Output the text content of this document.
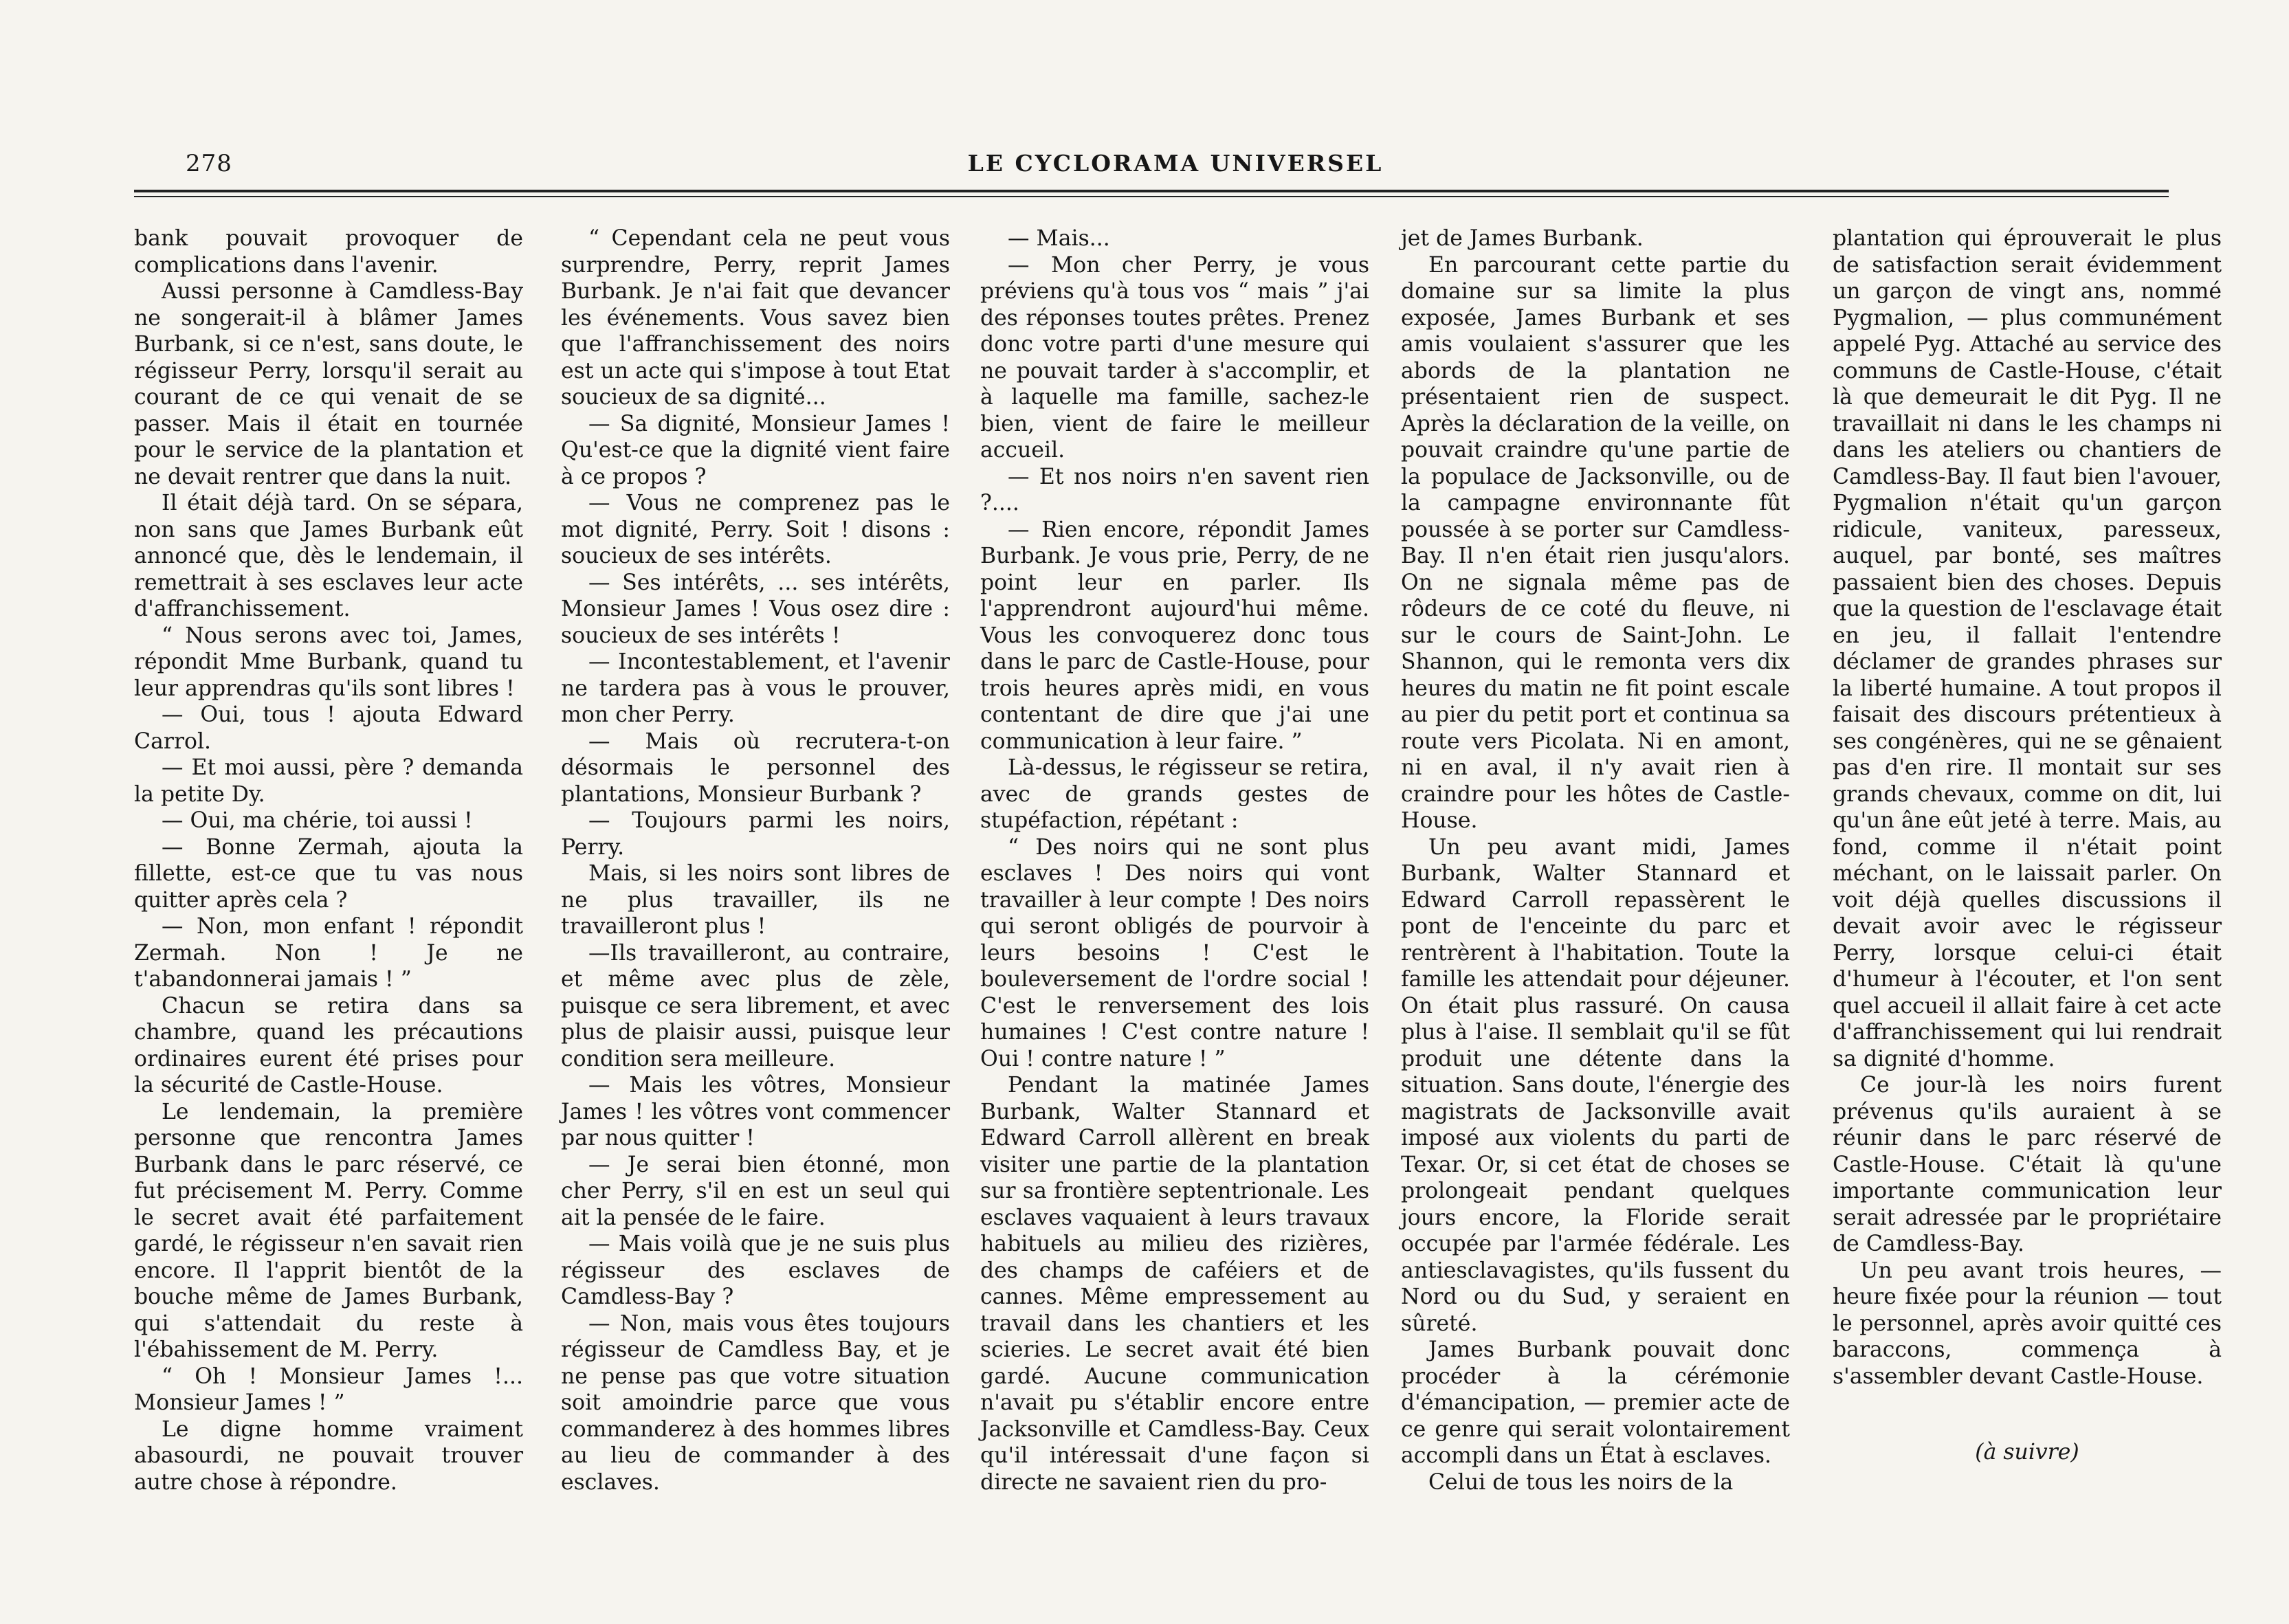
278	LE CYCLORAMA UNIVERSEL

bank pouvait provoquer de complications dans l'avenir.

Aussi personne à Camdless-Bay ne songerait-il à blâmer James Burbank, si ce n'est, sans doute, le régisseur Perry, lorsqu'il serait au courant de ce qui venait de se passer. Mais il était en tournée pour le service de la plantation et ne devait rentrer que dans la nuit.

Il était déjà tard. On se sépara, non sans que James Burbank eût annoncé que, dès le lendemain, il remettrait à ses esclaves leur acte d'affranchissement.

“ Nous serons avec toi, James, répondit Mme Burbank, quand tu leur apprendras qu'ils sont libres !

— Oui, tous ! ajouta Edward Carrol.

— Et moi aussi, père ? demanda la petite Dy.

— Oui, ma chérie, toi aussi !

— Bonne Zermah, ajouta la fillette, est-ce que tu vas nous quitter après cela ?

— Non, mon enfant ! répondit Zermah. Non ! Je ne t'abandonnerai jamais ! ”

Chacun se retira dans sa chambre, quand les précautions ordinaires eurent été prises pour la sécurité de Castle-House.

Le lendemain, la première personne que rencontra James Burbank dans le parc réservé, ce fut précisement M. Perry. Comme le secret avait été parfaitement gardé, le régisseur n'en savait rien encore. Il l'apprit bientôt de la bouche même de James Burbank, qui s'attendait du reste à l'ébahissement de M. Perry.

“ Oh ! Monsieur James !... Monsieur James ! ”

Le digne homme vraiment abasourdi, ne pouvait trouver autre chose à répondre.

“ Cependant cela ne peut vous surprendre, Perry, reprit James Burbank. Je n'ai fait que devancer les événements. Vous savez bien que l'affranchissement des noirs est un acte qui s'impose à tout Etat soucieux de sa dignité...

— Sa dignité, Monsieur James ! Qu'est-ce que la dignité vient faire à ce propos ?

— Vous ne comprenez pas le mot dignité, Perry. Soit ! disons : soucieux de ses intérêts.

— Ses intérêts, ... ses intérêts, Monsieur James ! Vous osez dire : soucieux de ses intérêts !

— Incontestablement, et l'avenir ne tardera pas à vous le prouver, mon cher Perry.

— Mais où recrutera-t-on désormais le personnel des plantations, Monsieur Burbank ?

— Toujours parmi les noirs, Perry.

Mais, si les noirs sont libres de ne plus travailler, ils ne travailleront plus !

—Ils travailleront, au contraire, et même avec plus de zèle, puisque ce sera librement, et avec plus de plaisir aussi, puisque leur condition sera meilleure.

— Mais les vôtres, Monsieur James ! les vôtres vont commencer par nous quitter !

— Je serai bien étonné, mon cher Perry, s'il en est un seul qui ait la pensée de le faire.

— Mais voilà que je ne suis plus régisseur des esclaves de Camdless-Bay ?

— Non, mais vous êtes toujours régisseur de Camdless Bay, et je ne pense pas que votre situation soit amoindrie parce que vous commanderez à des hommes libres au lieu de commander à des esclaves.

— Mais...

— Mon cher Perry, je vous préviens qu'à tous vos “ mais ” j'ai des réponses toutes prêtes. Prenez donc votre parti d'une mesure qui ne pouvait tarder à s'accomplir, et à laquelle ma famille, sachez-le bien, vient de faire le meilleur accueil.

— Et nos noirs n'en savent rien ?....

— Rien encore, répondit James Burbank. Je vous prie, Perry, de ne point leur en parler. Ils l'apprendront aujourd'hui même. Vous les convoquerez donc tous dans le parc de Castle-House, pour trois heures après midi, en vous contentant de dire que j'ai une communication à leur faire. ”

Là-dessus, le régisseur se retira, avec de grands gestes de stupéfaction, répétant :

“ Des noirs qui ne sont plus esclaves ! Des noirs qui vont travailler à leur compte ! Des noirs qui seront obligés de pourvoir à leurs besoins ! C'est le bouleversement de l'ordre social ! C'est le renversement des lois humaines ! C'est contre nature ! Oui ! contre nature ! ”

Pendant la matinée James Burbank, Walter Stannard et Edward Carroll allèrent en break visiter une partie de la plantation sur sa frontière septentrionale. Les esclaves vaquaient à leurs travaux habituels au milieu des rizières, des champs de caféiers et de cannes. Même empressement au travail dans les chantiers et les scieries. Le secret avait été bien gardé. Aucune communication n'avait pu s'établir encore entre Jacksonville et Camdless-Bay. Ceux qu'il intéressait d'une façon si directe ne savaient rien du pro-

jet de James Burbank.

En parcourant cette partie du domaine sur sa limite la plus exposée, James Burbank et ses amis voulaient s'assurer que les abords de la plantation ne présentaient rien de suspect. Après la déclaration de la veille, on pouvait craindre qu'une partie de la populace de Jacksonville, ou de la campagne environnante fût poussée à se porter sur Camdless-Bay. Il n'en était rien jusqu'alors. On ne signala même pas de rôdeurs de ce coté du fleuve, ni sur le cours de Saint-John. Le Shannon, qui le remonta vers dix heures du matin ne fit point escale au pier du petit port et continua sa route vers Picolata. Ni en amont, ni en aval, il n'y avait rien à craindre pour les hôtes de Castle-House.

Un peu avant midi, James Burbank, Walter Stannard et Edward Carroll repassèrent le pont de l'enceinte du parc et rentrèrent à l'habitation. Toute la famille les attendait pour déjeuner. On était plus rassuré. On causa plus à l'aise. Il semblait qu'il se fût produit une détente dans la situation. Sans doute, l'énergie des magistrats de Jacksonville avait imposé aux violents du parti de Texar. Or, si cet état de choses se prolongeait pendant quelques jours encore, la Floride serait occupée par l'armée fédérale. Les antiesclavagistes, qu'ils fussent du Nord ou du Sud, y seraient en sûreté.

James Burbank pouvait donc procéder à la cérémonie d'émancipation, — premier acte de ce genre qui serait volontairement accompli dans un État à esclaves.

Celui de tous les noirs de la

plantation qui éprouverait le plus de satisfaction serait évidemment un garçon de vingt ans, nommé Pygmalion, — plus communément appelé Pyg. Attaché au service des communs de Castle-House, c'était là que demeurait le dit Pyg. Il ne travaillait ni dans le les champs ni dans les ateliers ou chantiers de Camdless-Bay. Il faut bien l'avouer, Pygmalion n'était qu'un garçon ridicule, vaniteux, paresseux, auquel, par bonté, ses maîtres passaient bien des choses. Depuis que la question de l'esclavage était en jeu, il fallait l'entendre déclamer de grandes phrases sur la liberté humaine. A tout propos il faisait des discours prétentieux à ses congénères, qui ne se gênaient pas d'en rire. Il montait sur ses grands chevaux, comme on dit, lui qu'un âne eût jeté à terre. Mais, au fond, comme il n'était point méchant, on le laissait parler. On voit déjà quelles discussions il devait avoir avec le régisseur Perry, lorsque celui-ci était d'humeur à l'écouter, et l'on sent quel accueil il allait faire à cet acte d'affranchissement qui lui rendrait sa dignité d'homme.

Ce jour-là les noirs furent prévenus qu'ils auraient à se réunir dans le parc réservé de Castle-House. C'était là qu'une importante communication leur serait adressée par le propriétaire de Camdless-Bay.

Un peu avant trois heures, — heure fixée pour la réunion — tout le personnel, après avoir quitté ces baraccons, commença à s'assembler devant Castle-House.

(à suivre)
